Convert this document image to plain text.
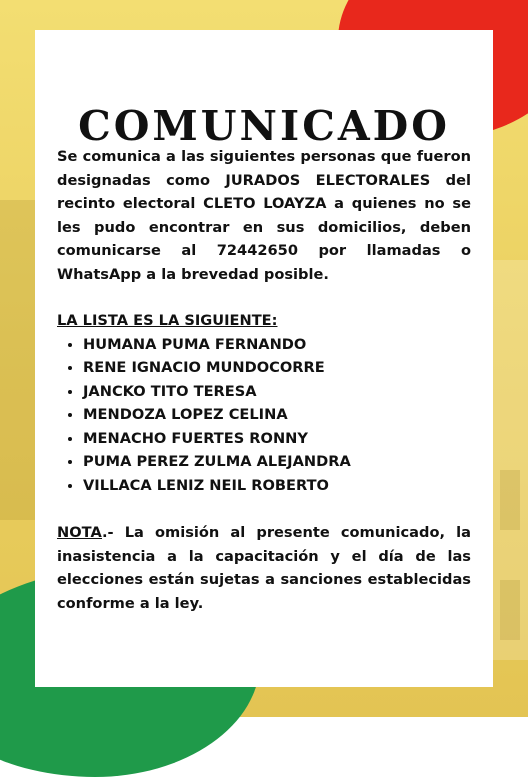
COMUNICADO

Se comunica a las siguientes personas que fueron designadas como JURADOS ELECTORALES del recinto electoral CLETO LOAYZA a quienes no se les pudo encontrar en sus domicilios, deben comunicarse al 72442650 por llamadas o WhatsApp a la brevedad posible.

LA LISTA ES LA SIGUIENTE:

• HUMANA PUMA FERNANDO
• RENE IGNACIO MUNDOCORRE
• JANCKO TITO TERESA
• MENDOZA LOPEZ CELINA
• MENACHO FUERTES RONNY
• PUMA PEREZ ZULMA ALEJANDRA
• VILLACA LENIZ NEIL ROBERTO

NOTA.- La omisión al presente comunicado, la inasistencia a la capacitación y el día de las elecciones están sujetas a sanciones establecidas conforme a la ley.
